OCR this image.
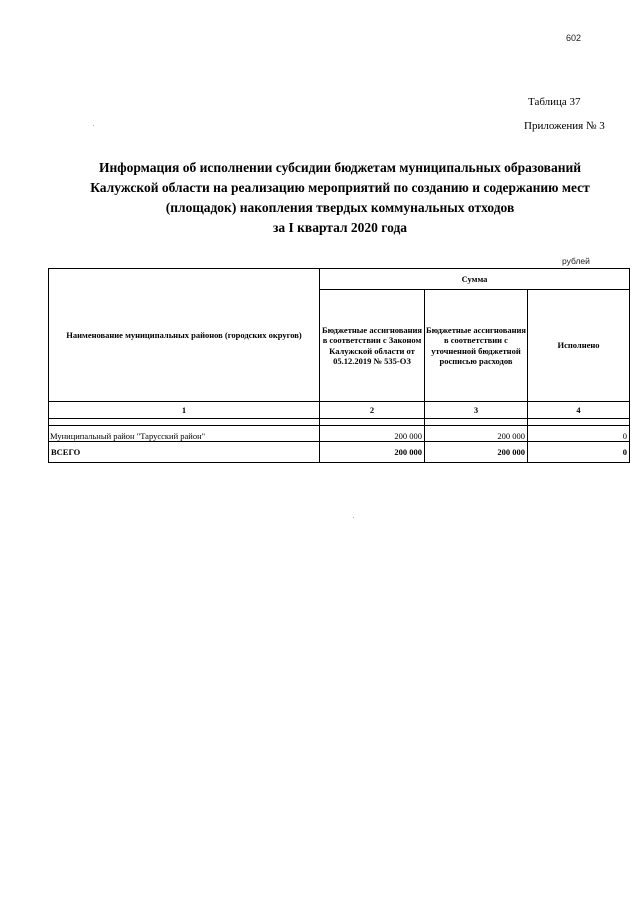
602
Таблица 37
Приложения № 3
Информация об исполнении субсидии бюджетам муниципальных образований
Калужской области на реализацию мероприятий по созданию и содержанию мест
(площадок) накопления твердых коммунальных отходов
за I квартал 2020 года
рублей
Наименование муниципальных районов (городских округов)	Сумма		
	Бюджетные ассигнования в соответствии с Законом Калужской области от 05.12.2019 № 535-ОЗ	Бюджетные ассигнования в соответствии с уточненной бюджетной росписью расходов	Исполнено
1	2	3	4

Муниципальный район "Тарусский район"	200 000	200 000	0
ВСЕГО	200 000	200 000	0
